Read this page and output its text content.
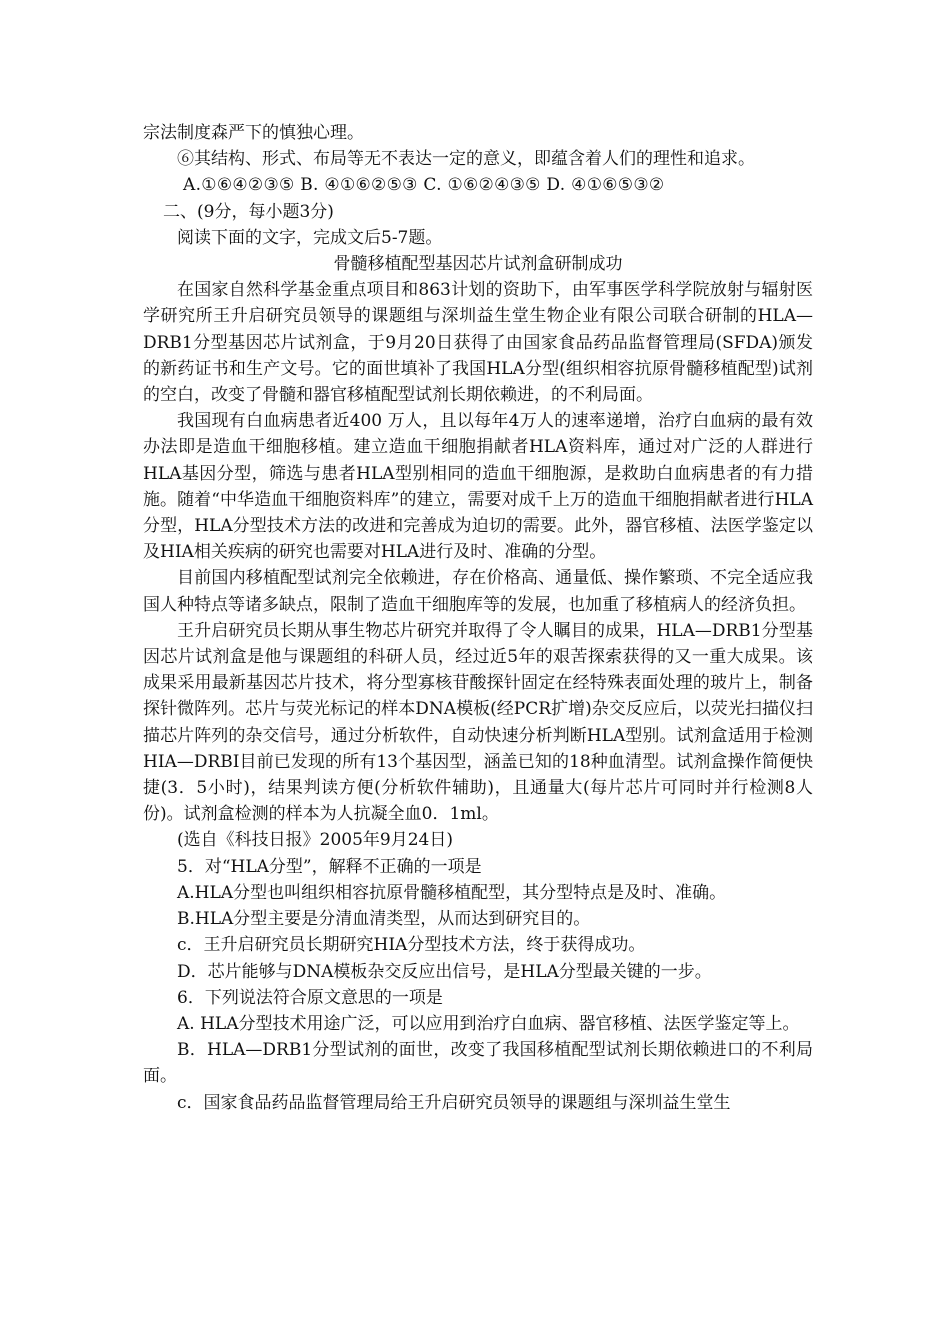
宗法制度森严下的慎独心理。

⑥其结构、形式、布局等无不表达一定的意义，即蕴含着人们的理性和追求。

A.①⑥④②③⑤ B. ④①⑥②⑤③ C. ①⑥②④③⑤ D. ④①⑥⑤③②

二、(9分，每小题3分)

阅读下面的文字，完成文后5-7题。

骨髓移植配型基因芯片试剂盒研制成功

在国家自然科学基金重点项目和863计划的资助下，由军事医学科学院放射与辐射医学研究所王升启研究员领导的课题组与深圳益生堂生物企业有限公司联合研制的HLA—DRB1分型基因芯片试剂盒，于9月20日获得了由国家食品药品监督管理局(SFDA)颁发的新药证书和生产文号。它的面世填补了我国HLA分型(组织相容抗原骨髓移植配型)试剂的空白，改变了骨髓和器官移植配型试剂长期依赖进，的不利局面。

我国现有白血病患者近400 万人，且以每年4万人的速率递增，治疗白血病的最有效办法即是造血干细胞移植。建立造血干细胞捐献者HLA资料库，通过对广泛的人群进行HLA基因分型，筛选与患者HLA型别相同的造血干细胞源，是救助白血病患者的有力措施。随着“中华造血干细胞资料库”的建立，需要对成千上万的造血干细胞捐献者进行HLA分型，HLA分型技术方法的改进和完善成为迫切的需要。此外，器官移植、法医学鉴定以及HIA相关疾病的研究也需要对HLA进行及时、准确的分型。

目前国内移植配型试剂完全依赖进，存在价格高、通量低、操作繁琐、不完全适应我国人种特点等诸多缺点，限制了造血干细胞库等的发展，也加重了移植病人的经济负担。

王升启研究员长期从事生物芯片研究并取得了令人瞩目的成果，HLA—DRB1分型基因芯片试剂盒是他与课题组的科研人员，经过近5年的艰苦探索获得的又一重大成果。该成果采用最新基因芯片技术，将分型寡核苷酸探针固定在经特殊表面处理的玻片上，制备探针微阵列。芯片与荧光标记的样本DNA模板(经PCR扩增)杂交反应后，以荧光扫描仪扫描芯片阵列的杂交信号，通过分析软件，自动快速分析判断HLA型别。试剂盒适用于检测HIA—DRBI目前已发现的所有13个基因型，涵盖已知的18种血清型。试剂盒操作简便快捷(3．5小时)，结果判读方便(分析软件辅助)，且通量大(每片芯片可同时并行检测8人份)。试剂盒检测的样本为人抗凝全血0．1ml。

(选自《科技日报》2005年9月24日)

5．对“HLA分型”，解释不正确的一项是

A.HLA分型也叫组织相容抗原骨髓移植配型，其分型特点是及时、准确。

B.HLA分型主要是分清血清类型，从而达到研究目的。

c．王升启研究员长期研究HIA分型技术方法，终于获得成功。

D．芯片能够与DNA模板杂交反应出信号，是HLA分型最关键的一步。

6．下列说法符合原文意思的一项是

A. HLA分型技术用途广泛，可以应用到治疗白血病、器官移植、法医学鉴定等上。

B．HLA—DRB1分型试剂的面世，改变了我国移植配型试剂长期依赖进口的不利局面。

c．国家食品药品监督管理局给王升启研究员领导的课题组与深圳益生堂生
